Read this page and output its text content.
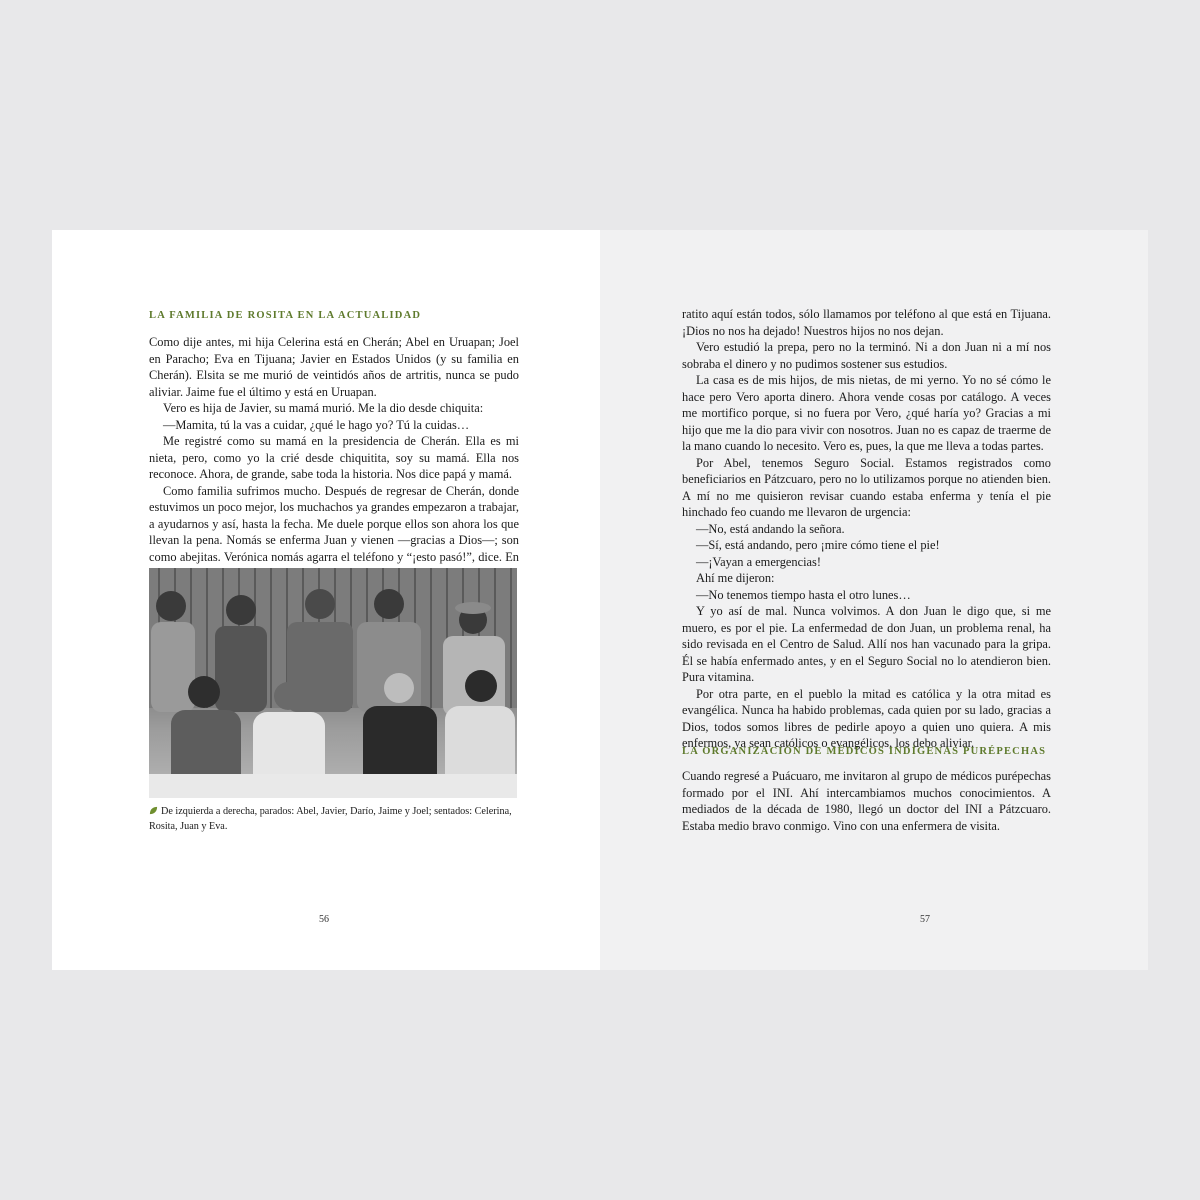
LA FAMILIA DE ROSITA EN LA ACTUALIDAD

Como dije antes, mi hija Celerina está en Cherán; Abel en Uruapan; Joel en Paracho; Eva en Tijuana; Javier en Estados Unidos (y su familia en Cherán). Elsita se me murió de veintidós años de artritis, nunca se pudo aliviar. Jaime fue el último y está en Uruapan.

Vero es hija de Javier, su mamá murió. Me la dio desde chiquita:

—Mamita, tú la vas a cuidar, ¿qué le hago yo? Tú la cuidas…

Me registré como su mamá en la presidencia de Cherán. Ella es mi nieta, pero, como yo la crié desde chiquitita, soy su mamá. Ella nos reconoce. Ahora, de grande, sabe toda la historia. Nos dice papá y mamá.

Como familia sufrimos mucho. Después de regresar de Cherán, donde estuvimos un poco mejor, los muchachos ya grandes empezaron a trabajar, a ayudarnos y así, hasta la fecha. Me duele porque ellos son ahora los que llevan la pena. Nomás se enferma Juan y vienen —gracias a Dios—; son como abejitas. Verónica nomás agarra el teléfono y “¡esto pasó!”, dice. En

De izquierda a derecha, parados: Abel, Javier, Darío, Jaime y Joel; sentados: Celerina, Rosita, Juan y Eva.
56

ratito aquí están todos, sólo llamamos por teléfono al que está en Tijuana. ¡Dios no nos ha dejado! Nuestros hijos no nos dejan.

Vero estudió la prepa, pero no la terminó. Ni a don Juan ni a mí nos sobraba el dinero y no pudimos sostener sus estudios.

La casa es de mis hijos, de mis nietas, de mi yerno. Yo no sé cómo le hace pero Vero aporta dinero. Ahora vende cosas por catálogo. A veces me mortifico porque, si no fuera por Vero, ¿qué haría yo? Gracias a mi hijo que me la dio para vivir con nosotros. Juan no es capaz de traerme de la mano cuando lo necesito. Vero es, pues, la que me lleva a todas partes.

Por Abel, tenemos Seguro Social. Estamos registrados como beneficiarios en Pátzcuaro, pero no lo utilizamos porque no atienden bien. A mí no me quisieron revisar cuando estaba enferma y tenía el pie hinchado feo cuando me llevaron de urgencia:

—No, está andando la señora.

—Sí, está andando, pero ¡mire cómo tiene el pie!

—¡Vayan a emergencias!

Ahí me dijeron:

—No tenemos tiempo hasta el otro lunes…

Y yo así de mal. Nunca volvimos. A don Juan le digo que, si me muero, es por el pie. La enfermedad de don Juan, un problema renal, ha sido revisada en el Centro de Salud. Allí nos han vacunado para la gripa. Él se había enfermado antes, y en el Seguro Social no lo atendieron bien. Pura vitamina.

Por otra parte, en el pueblo la mitad es católica y la otra mitad es evangélica. Nunca ha habido problemas, cada quien por su lado, gracias a Dios, todos somos libres de pedirle apoyo a quien uno quiera. A mis enfermos, ya sean católicos o evangélicos, los debo aliviar.

LA ORGANIZACIÓN DE MÉDICOS INDÍGENAS PURÉPECHAS

Cuando regresé a Puácuaro, me invitaron al grupo de médicos purépechas formado por el INI. Ahí intercambiamos muchos conocimientos. A mediados de la década de 1980, llegó un doctor del INI a Pátzcuaro. Estaba medio bravo conmigo. Vino con una enfermera de visita.

57
